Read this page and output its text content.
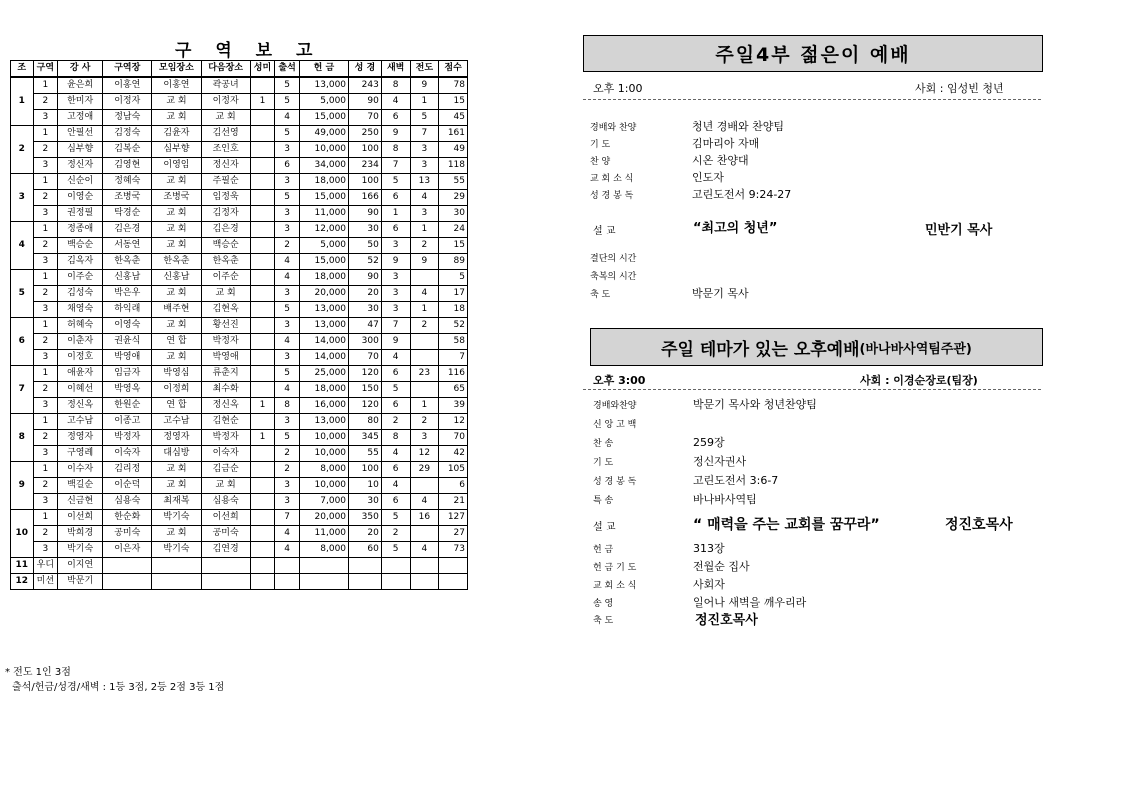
구 역 보 고
조	구역	강 사	구역장	모임장소	다음장소	성미	출석	헌 금	성 경	새벽	전도	점수
1	1	윤은희	이홍연	이홍연	곽공녀		5	13,000	243	8	9	78
	2	한미자	이정자	교 회	이정자	1	5	5,000	90	4	1	15
	3	고정애	정남숙	교 회	교 회		4	15,000	70	6	5	45
2	1	안필선	김정숙	김윤자	김선영		5	49,000	250	9	7	161
	2	심부향	김복순	심부향	조인호		3	10,000	100	8	3	49
	3	정신자	김영현	이영임	정신자		6	34,000	234	7	3	118
3	1	신순이	정혜숙	교 회	주필순		3	18,000	100	5	13	55
	2	이영순	조병국	조병국	임정욱		5	15,000	166	6	4	29
	3	권정필	탁경순	교 회	김정자		3	11,000	90	1	3	30
4	1	정종애	김은경	교 회	김은경		3	12,000	30	6	1	24
	2	백승순	서동연	교 회	백승순		2	5,000	50	3	2	15
	3	김옥자	한옥춘	한옥춘	한옥춘		4	15,000	52	9	9	89
5	1	이주순	신홍남	신홍남	이주순		4	18,000	90	3		5
	2	김성숙	박은우	교 회	교 회		3	20,000	20	3	4	17
	3	채영숙	하익래	배주현	김현옥		5	13,000	30	3	1	18
6	1	허혜숙	이영숙	교 회	황선진		3	13,000	47	7	2	52
	2	이춘자	권윤식	연 합	박정자		4	14,000	300	9		58
	3	이정호	박영애	교 회	박영애		3	14,000	70	4		7
7	1	애윤자	임금자	박영심	류춘지		5	25,000	120	6	23	116
	2	이혜선	박영옥	이정희	최수화		4	18,000	150	5		65
	3	정신옥	한원순	연 합	정신옥	1	8	16,000	120	6	1	39
8	1	고수남	이종고	고수남	김현순		3	13,000	80	2	2	12
	2	정영자	박정자	정영자	박정자	1	5	10,000	345	8	3	70
	3	구영례	이숙자	대심방	이숙자		2	10,000	55	4	12	42
9	1	이수자	김리정	교 회	김금순		2	8,000	100	6	29	105
	2	백길순	이순덕	교 회	교 회		3	10,000	10	4		6
	3	신금현	심용숙	최재복	심용숙		3	7,000	30	6	4	21
10	1	이선희	한순화	박기숙	이선희		7	20,000	350	5	16	127
	2	박희경	공미숙	교 회	공미숙		4	11,000	20	2		27
	3	박기숙	이은자	박기숙	김연경		4	8,000	60	5	4	73
11	우디	이지연										
12	미션	박문기										
* 전도 1인 3점
출석/헌금/성경/새벽 : 1등 3점, 2등 2점 3등 1점
주일4부 젊은이 예배
오후 1:00	사회 : 임성빈 청년
경배와 찬양	청년 경배와 찬양팀
기 도	김마리아 자매
찬 양	시온 찬양대
교 회 소 식	인도자
성 경 봉 독	고린도전서 9:24-27
설 교	“최고의 청년”	민반기 목사
결단의 시간
축복의 시간
축 도	박문기 목사
주일 테마가 있는 오후예배 (바나바사역팀주관)
오후 3:00	사회 : 이경순장로(팀장)
경배와찬양	박문기 목사와 청년찬양팀
신 앙 고 백
찬 송	259장
기 도	정신자권사
성 경 봉 독	고린도전서 3:6-7
특 송	바나바사역팀
설 교	“ 매력을 주는 교회를 꿈꾸라”	정진호목사
헌 금	313장
헌 금 기 도	전월순 집사
교 회 소 식	사회자
송 영	일어나 새벽을 깨우리라
축 도	정진호목사
